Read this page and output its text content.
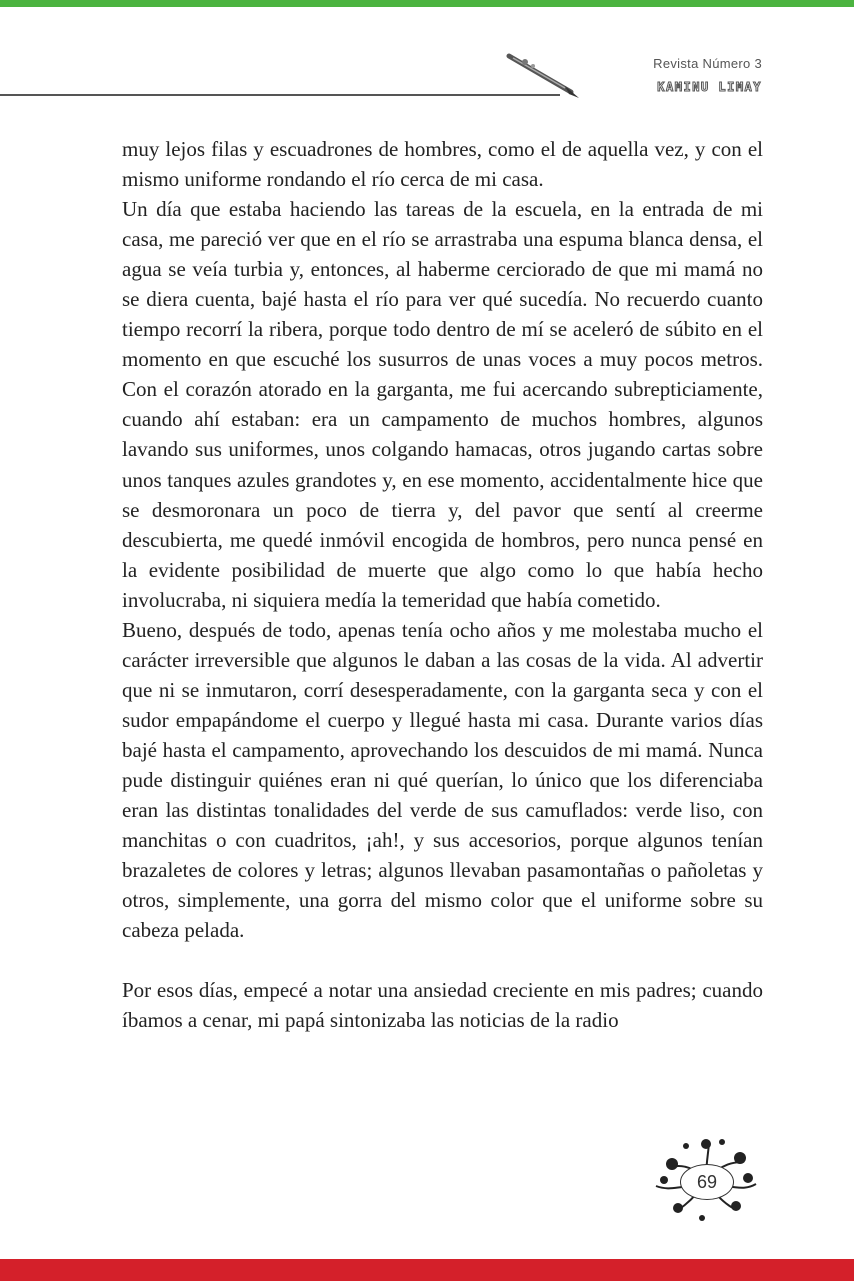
Revista Número 3
KAMINU LIMAY

muy lejos filas y escuadrones de hombres, como el de aquella vez, y con el mismo uniforme rondando el río cerca de mi casa.

Un día que estaba haciendo las tareas de la escuela, en la entrada de mi casa, me pareció ver que en el río se arrastraba una espuma blanca densa, el agua se veía turbia y, entonces, al haberme cerciorado de que mi mamá no se diera cuenta, bajé hasta el río para ver qué sucedía. No recuerdo cuanto tiempo recorrí la ribera, porque todo dentro de mí se aceleró de súbito en el momento en que escuché los susurros de unas voces a muy pocos metros. Con el corazón atorado en la garganta, me fui acercando subrepticiamente, cuando ahí estaban: era un campamento de muchos hombres, algunos lavando sus uniformes, unos colgando hamacas, otros jugando cartas sobre unos tanques azules grandotes y, en ese momento, accidentalmente hice que se desmoronara un poco de tierra y, del pavor que sentí al creerme descubierta, me quedé inmóvil encogida de hombros, pero nunca pensé en la evidente posibilidad de muerte que algo como lo que había hecho involucraba, ni siquiera medía la temeridad que había cometido.

Bueno, después de todo, apenas tenía ocho años y me molestaba mucho el carácter irreversible que algunos le daban a las cosas de la vida. Al advertir que ni se inmutaron, corrí desesperadamente, con la garganta seca y con el sudor empapándome el cuerpo y llegué hasta mi casa. Durante varios días bajé hasta el campamento, aprovechando los descuidos de mi mamá. Nunca pude distinguir quiénes eran ni qué querían, lo único que los diferenciaba eran las distintas tonalidades del verde de sus camuflados: verde liso, con manchitas o con cuadritos, ¡ah!, y sus accesorios, porque algunos tenían brazaletes de colores y letras; algunos llevaban pasamontañas o pañoletas y otros, simplemente, una gorra del mismo color que el uniforme sobre su cabeza pelada.

Por esos días, empecé a notar una ansiedad creciente en mis padres; cuando íbamos a cenar, mi papá sintonizaba las noticias de la radio

69
